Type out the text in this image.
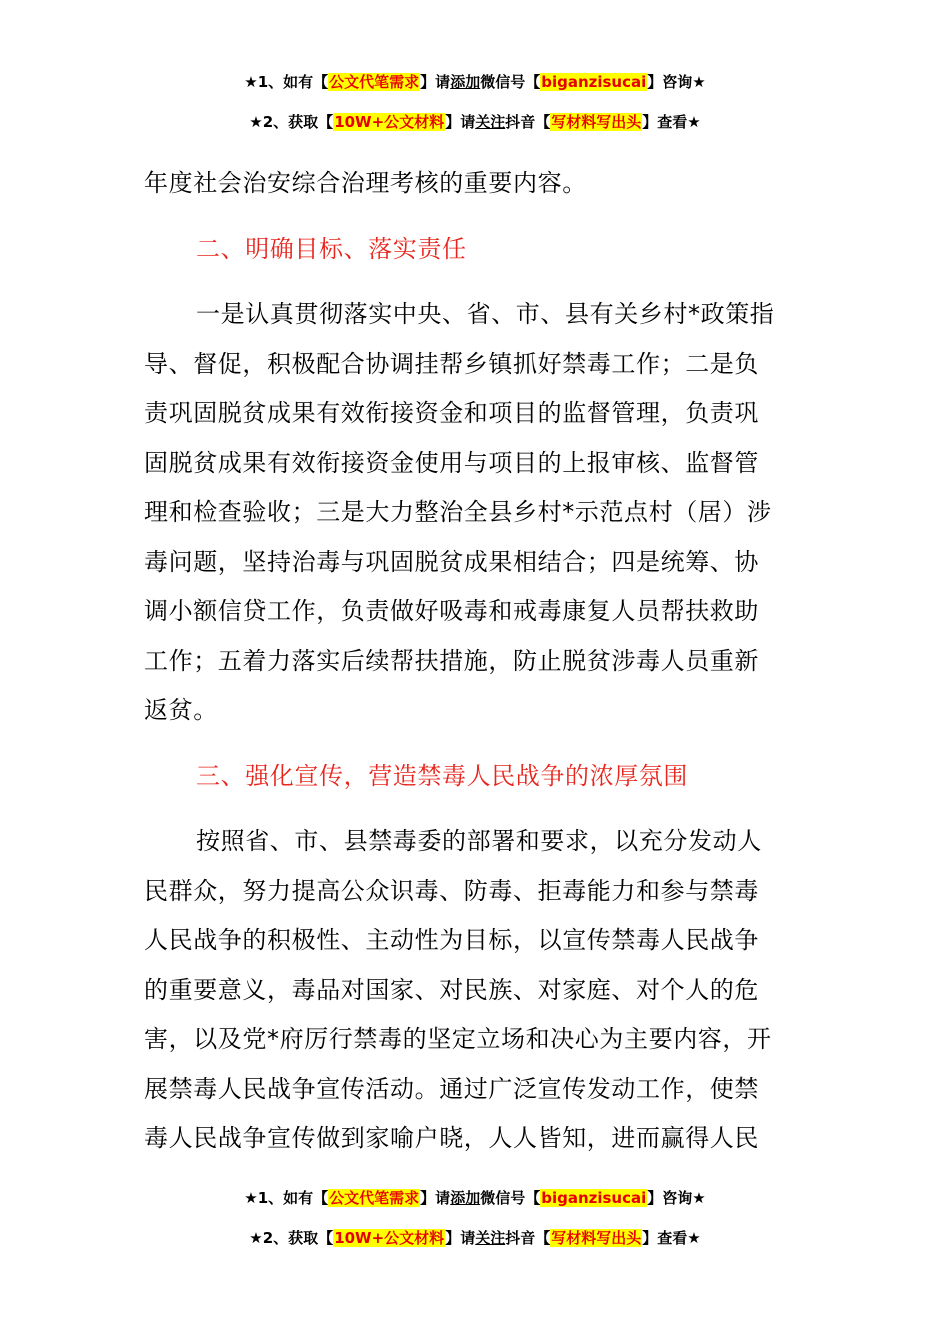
★1、如有【公文代笔需求】请添加微信号【biganzisucai】咨询★
★2、获取【10W+公文材料】请关注抖音【写材料写出头】查看★
年度社会治安综合治理考核的重要内容。
二、明确目标、落实责任
一是认真贯彻落实中央、省、市、县有关乡村*政策指
导、督促，积极配合协调挂帮乡镇抓好禁毒工作；二是负
责巩固脱贫成果有效衔接资金和项目的监督管理，负责巩
固脱贫成果有效衔接资金使用与项目的上报审核、监督管
理和检查验收；三是大力整治全县乡村*示范点村（居）涉
毒问题，坚持治毒与巩固脱贫成果相结合；四是统筹、协
调小额信贷工作，负责做好吸毒和戒毒康复人员帮扶救助
工作；五着力落实后续帮扶措施，防止脱贫涉毒人员重新
返贫。
三、强化宣传，营造禁毒人民战争的浓厚氛围
按照省、市、县禁毒委的部署和要求，以充分发动人
民群众，努力提高公众识毒、防毒、拒毒能力和参与禁毒
人民战争的积极性、主动性为目标，以宣传禁毒人民战争
的重要意义，毒品对国家、对民族、对家庭、对个人的危
害，以及党*府厉行禁毒的坚定立场和决心为主要内容，开
展禁毒人民战争宣传活动。通过广泛宣传发动工作，使禁
毒人民战争宣传做到家喻户晓，人人皆知，进而赢得人民
★1、如有【公文代笔需求】请添加微信号【biganzisucai】咨询★
★2、获取【10W+公文材料】请关注抖音【写材料写出头】查看★
